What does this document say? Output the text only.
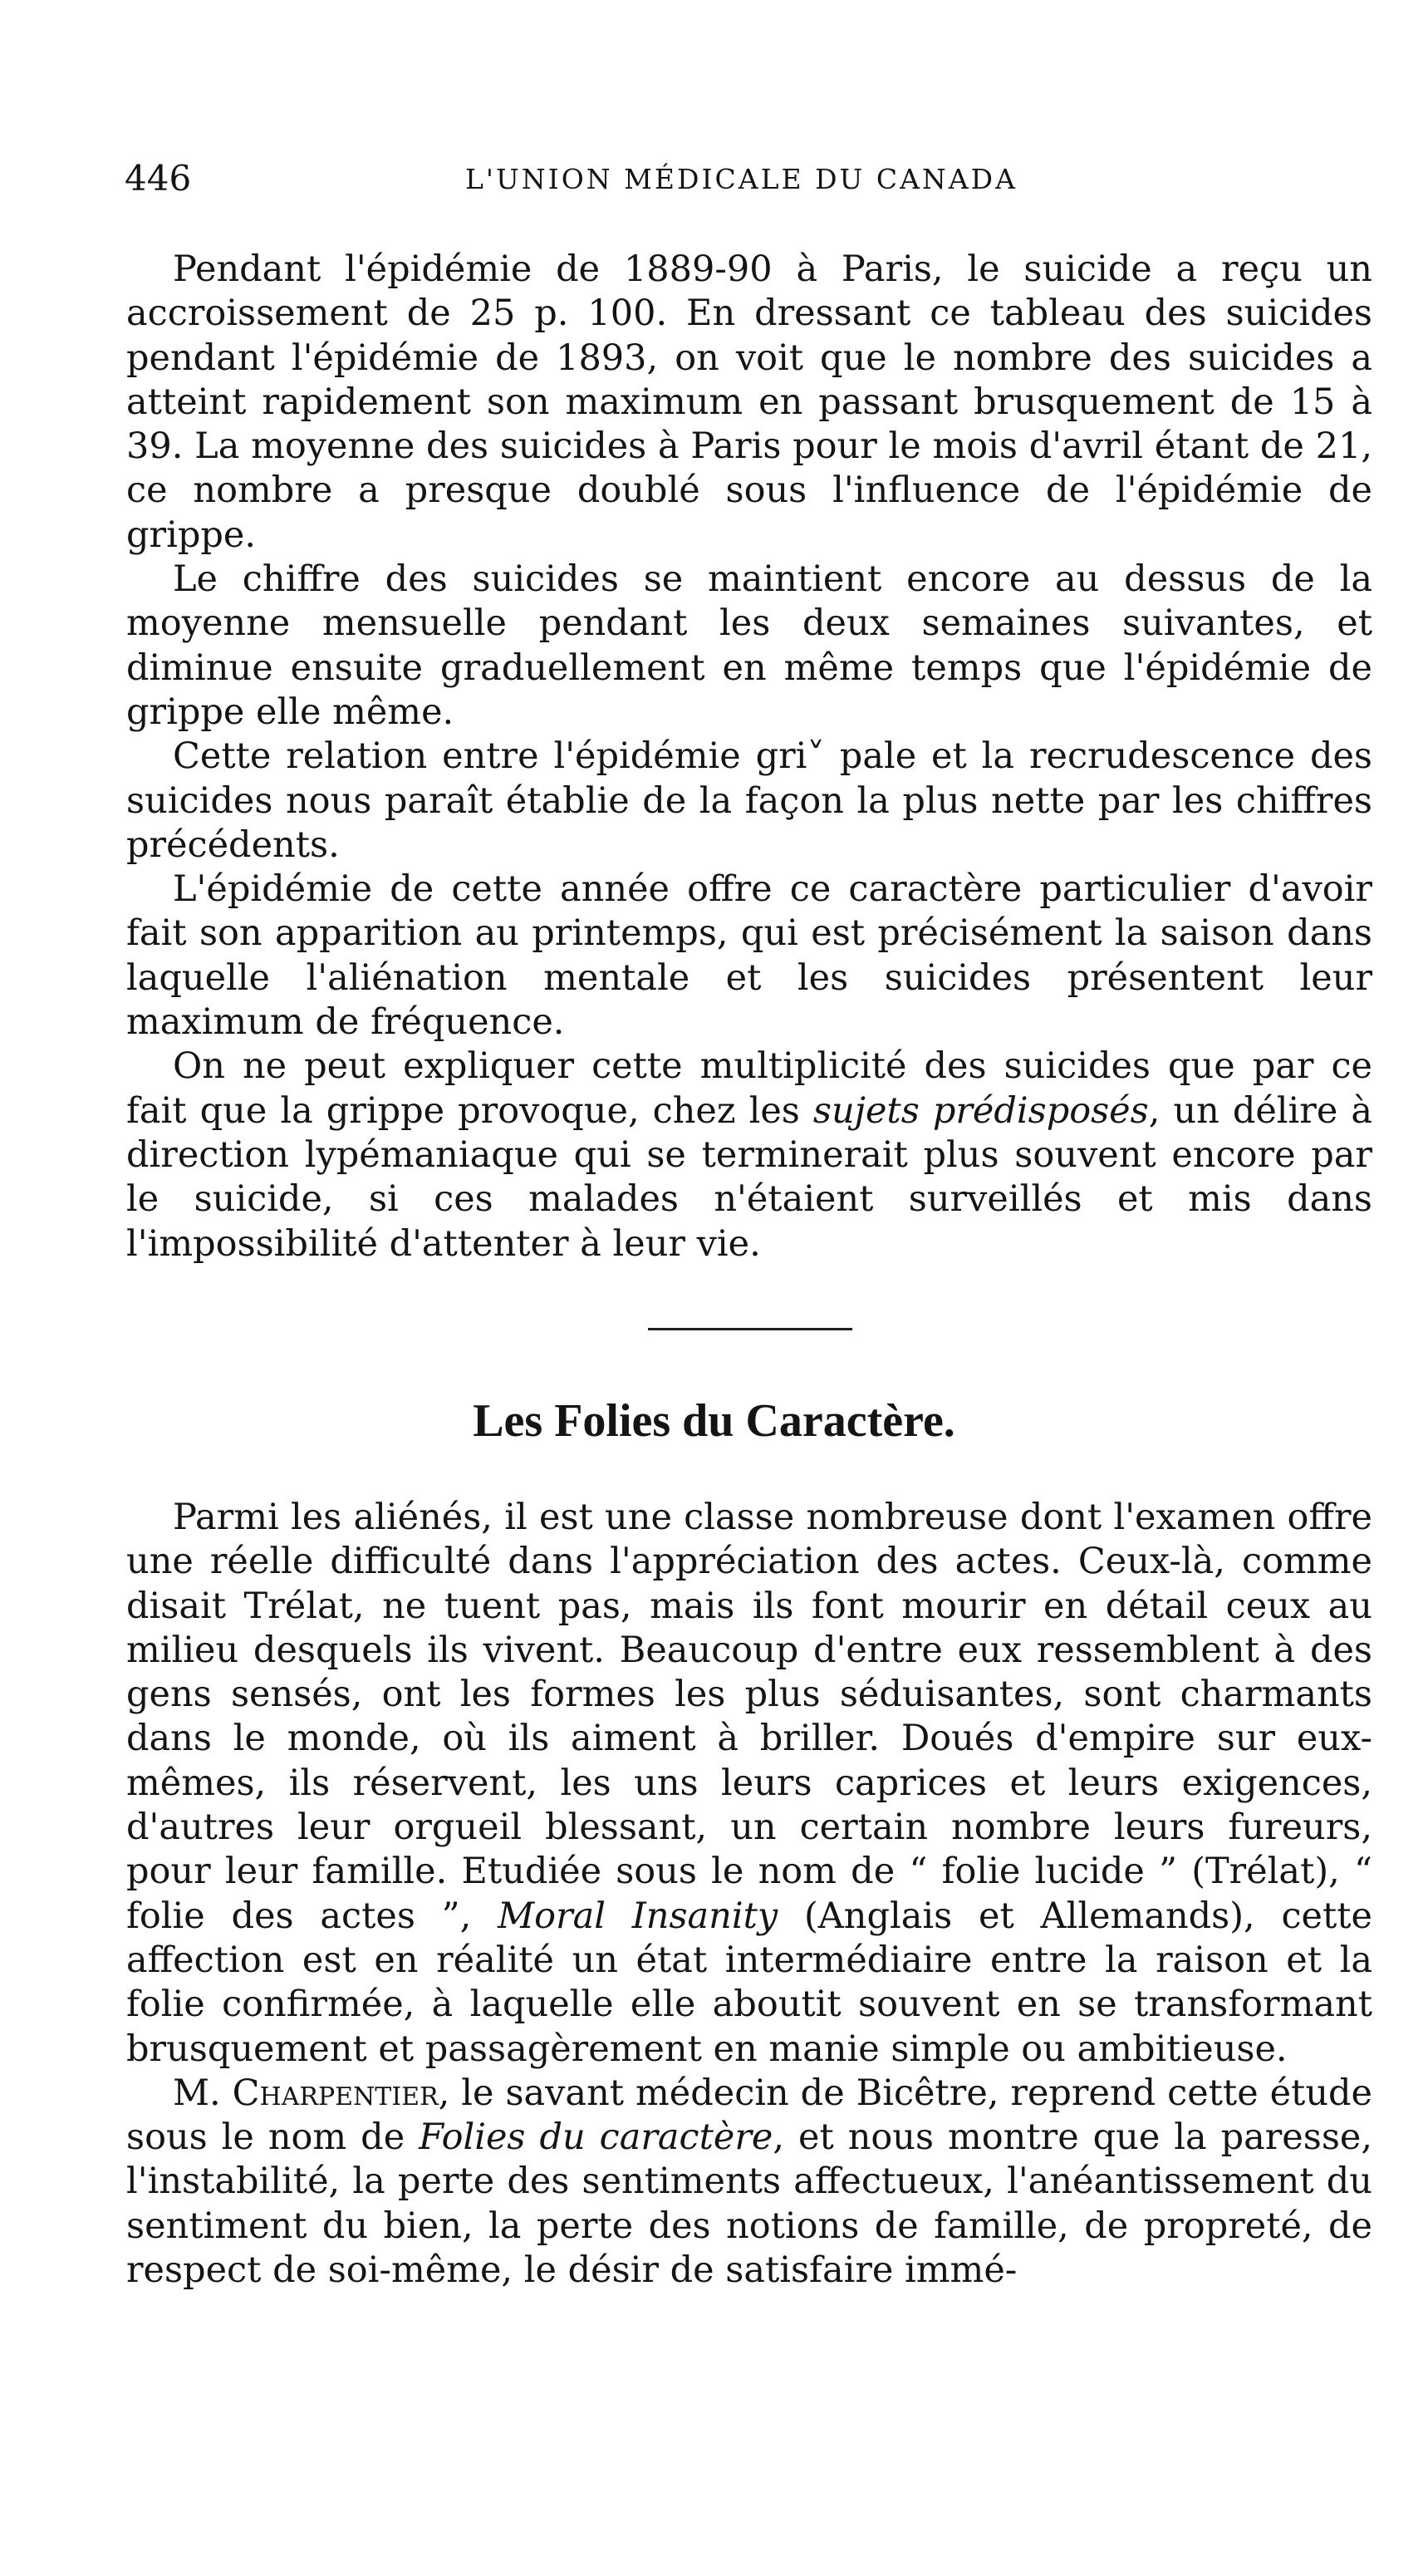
446	L'UNION MÉDICALE DU CANADA

Pendant l'épidémie de 1889-90 à Paris, le suicide a reçu un accroissement de 25 p. 100. En dressant ce tableau des suicides pendant l'épidémie de 1893, on voit que le nombre des suicides a atteint rapidement son maximum en passant brusquement de 15 à 39. La moyenne des suicides à Paris pour le mois d'avril étant de 21, ce nombre a presque doublé sous l'influence de l'épidémie de grippe.

Le chiffre des suicides se maintient encore au dessus de la moyenne mensuelle pendant les deux semaines suivantes, et diminue ensuite graduellement en même temps que l'épidémie de grippe elle même.

Cette relation entre l'épidémie gri˅ pale et la recrudescence des suicides nous paraît établie de la façon la plus nette par les chiffres précédents.

L'épidémie de cette année offre ce caractère particulier d'avoir fait son apparition au printemps, qui est précisément la saison dans laquelle l'aliénation mentale et les suicides présentent leur maximum de fréquence.

On ne peut expliquer cette multiplicité des suicides que par ce fait que la grippe provoque, chez les sujets prédisposés, un délire à direction lypémaniaque qui se terminerait plus souvent encore par le suicide, si ces malades n'étaient surveillés et mis dans l'impossibilité d'attenter à leur vie.

Les Folies du Caractère.

Parmi les aliénés, il est une classe nombreuse dont l'examen offre une réelle difficulté dans l'appréciation des actes. Ceux-là, comme disait Trélat, ne tuent pas, mais ils font mourir en détail ceux au milieu desquels ils vivent. Beaucoup d'entre eux ressemblent à des gens sensés, ont les formes les plus séduisantes, sont charmants dans le monde, où ils aiment à briller. Doués d'empire sur eux-mêmes, ils réservent, les uns leurs caprices et leurs exigences, d'autres leur orgueil blessant, un certain nombre leurs fureurs, pour leur famille. Etudiée sous le nom de “ folie lucide ” (Trélat), “ folie des actes ”, Moral Insanity (Anglais et Allemands), cette affection est en réalité un état intermédiaire entre la raison et la folie confirmée, à laquelle elle aboutit souvent en se transformant brusquement et passagèrement en manie simple ou ambitieuse.

M. Charpentier, le savant médecin de Bicêtre, reprend cette étude sous le nom de Folies du caractère, et nous montre que la paresse, l'instabilité, la perte des sentiments affectueux, l'anéantissement du sentiment du bien, la perte des notions de famille, de propreté, de respect de soi-même, le désir de satisfaire immé-
